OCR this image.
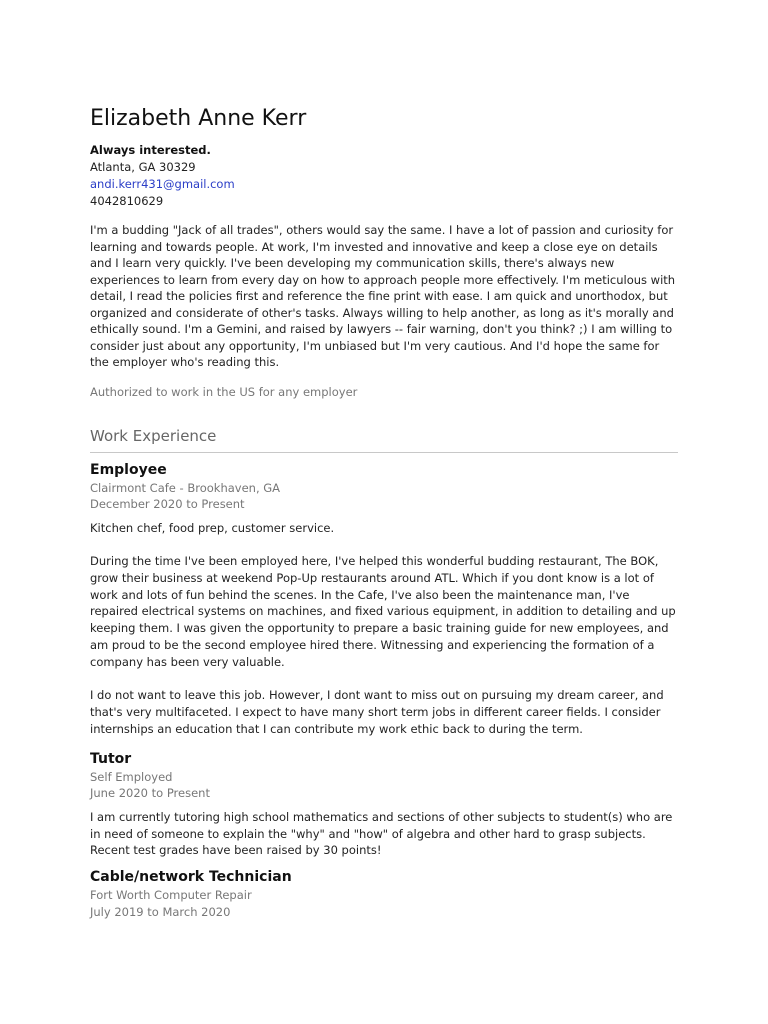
Elizabeth Anne Kerr
Always interested.
Atlanta, GA 30329
andi.kerr431@gmail.com
4042810629
I'm a budding "Jack of all trades", others would say the same. I have a lot of passion and curiosity for learning and towards people. At work, I'm invested and innovative and keep a close eye on details and I learn very quickly. I've been developing my communication skills, there's always new experiences to learn from every day on how to approach people more effectively. I'm meticulous with detail, I read the policies first and reference the fine print with ease. I am quick and unorthodox, but organized and considerate of other's tasks. Always willing to help another, as long as it's morally and ethically sound. I'm a Gemini, and raised by lawyers -- fair warning, don't you think? ;) I am willing to consider just about any opportunity, I'm unbiased but I'm very cautious. And I'd hope the same for the employer who's reading this.
Authorized to work in the US for any employer
Work Experience
Employee
Clairmont Cafe - Brookhaven, GA
December 2020 to Present

Kitchen chef, food prep, customer service.

During the time I've been employed here, I've helped this wonderful budding restaurant, The BOK, grow their business at weekend Pop-Up restaurants around ATL. Which if you dont know is a lot of work and lots of fun behind the scenes. In the Cafe, I've also been the maintenance man, I've repaired electrical systems on machines, and fixed various equipment, in addition to detailing and up keeping them. I was given the opportunity to prepare a basic training guide for new employees, and am proud to be the second employee hired there. Witnessing and experiencing the formation of a company has been very valuable.

I do not want to leave this job. However, I dont want to miss out on pursuing my dream career, and that's very multifaceted. I expect to have many short term jobs in different career fields. I consider internships an education that I can contribute my work ethic back to during the term.

Tutor
Self Employed
June 2020 to Present

I am currently tutoring high school mathematics and sections of other subjects to student(s) who are in need of someone to explain the "why" and "how" of algebra and other hard to grasp subjects. Recent test grades have been raised by 30 points!

Cable/network Technician
Fort Worth Computer Repair
July 2019 to March 2020
